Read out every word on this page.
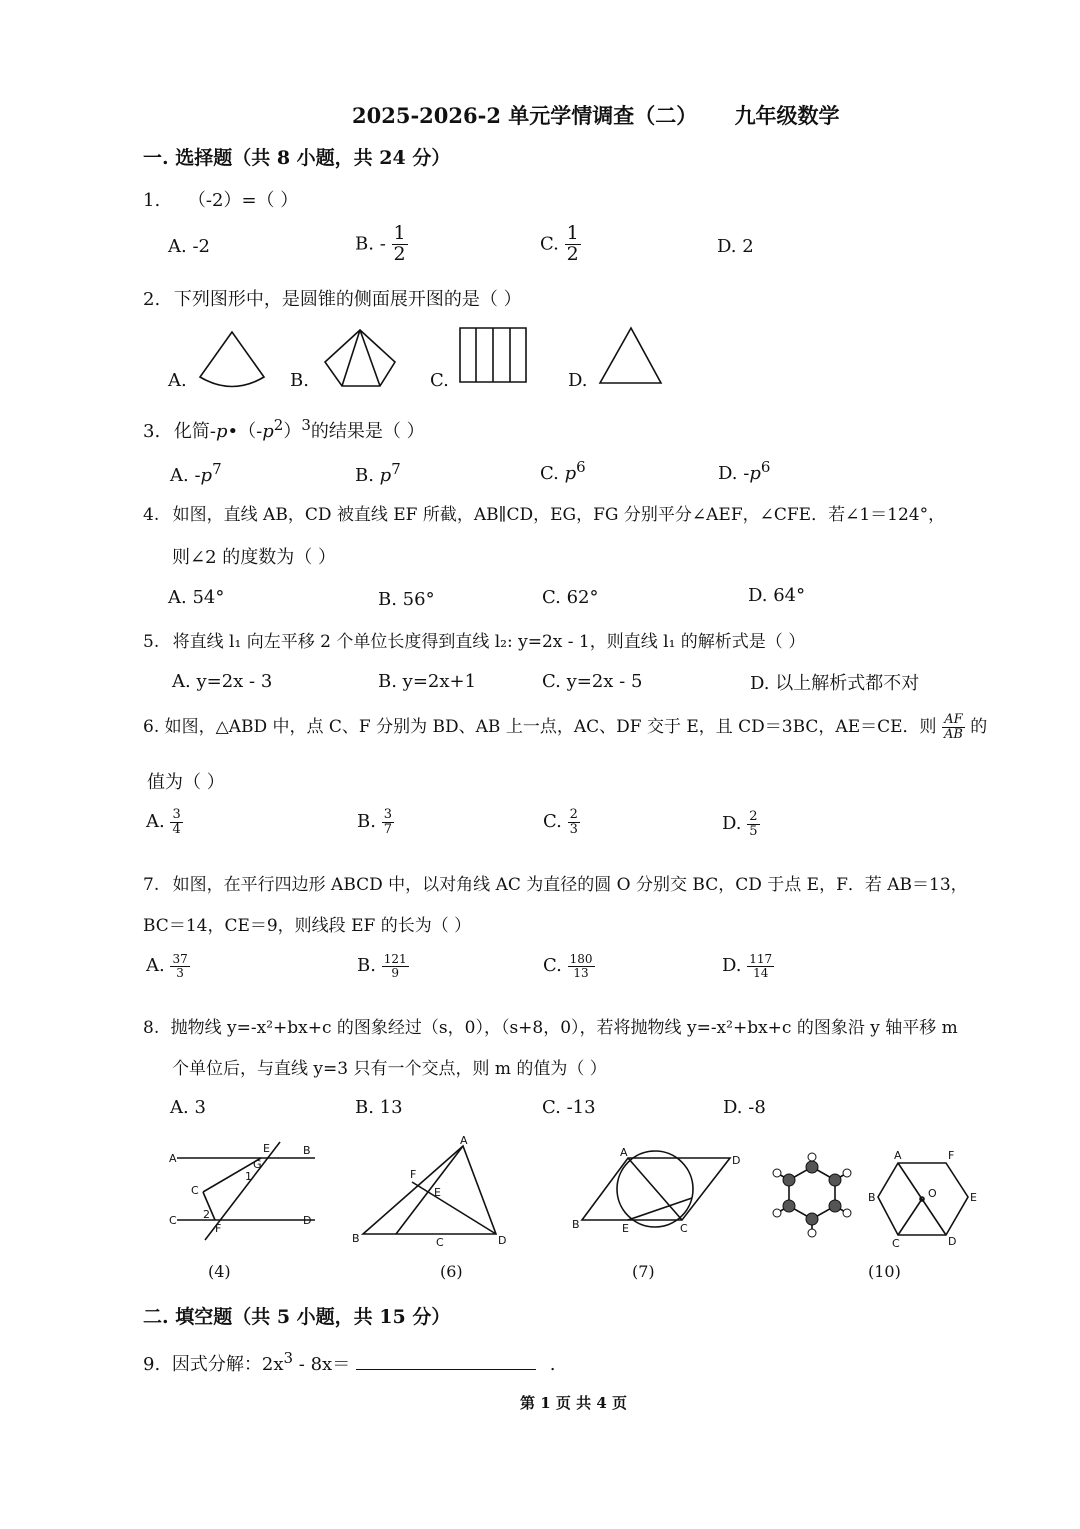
2025-2026-2 单元学情调查（二） 九年级数学
一. 选择题（共 8 小题，共 24 分）
1. （-2）=（ ）
A. -2	B. - $\frac{1}{2}$	C. $\frac{1}{2}$	D. 2
2. 下列图形中，是圆锥的侧面展开图的是（ ）
A.	B.	C.	D.
3. 化简$-p•(-p^2)^3$的结果是（ ）
A. $-p^7$	B. $p^7$	C. $p^6$	D. $-p^6$
4. 如图，直线 AB，CD 被直线 EF 所截，AB∥CD，EG，FG 分别平分∠AEF，∠CFE．若∠1＝124°，
则∠2 的度数为（ ）
A. 54°	B. 56°	C. 62°	D. 64°
5. 将直线 l₁ 向左平移 2 个单位长度得到直线 l₂: y=2x - 1，则直线 l₁ 的解析式是（ ）
A. y=2x - 3	B. y=2x+1	C. y=2x - 5	D. 以上解析式都不对
6. 如图，△ABD 中，点 C、F 分别为 BD、AB 上一点，AC、DF 交于 E，且 CD＝3BC，AE＝CE．则 $\frac{AF}{AB}$ 的
值为（ ）
A. $\frac{3}{4}$	B. $\frac{3}{7}$	C. $\frac{2}{3}$	D. $\frac{2}{5}$
7. 如图，在平行四边形 ABCD 中，以对角线 AC 为直径的圆 O 分别交 BC，CD 于点 E，F．若 AB＝13，
BC＝14，CE＝9，则线段 EF 的长为（ ）
A. $\frac{37}{3}$	B. $\frac{121}{9}$	C. $\frac{180}{13}$	D. $\frac{117}{14}$
8. 抛物线 y=-x²+bx+c 的图象经过（s，0），（s+8，0），若将抛物线 y=-x²+bx+c 的图象沿 y 轴平移 m
个单位后，与直线 y=3 只有一个交点，则 m 的值为（ ）
A. 3	B. 13	C. -13	D. -8
A
B
C
C	D
E
F
G
1
2
(4)
A
B	C	D
E
F
(6)
A
B	C
D
E
(7)
A
B
C	D
E
F
O
(10)
二. 填空题（共 5 小题，共 15 分）
9. 因式分解：$2x^3 - 8x=$	.
第 1 页 共 4 页
